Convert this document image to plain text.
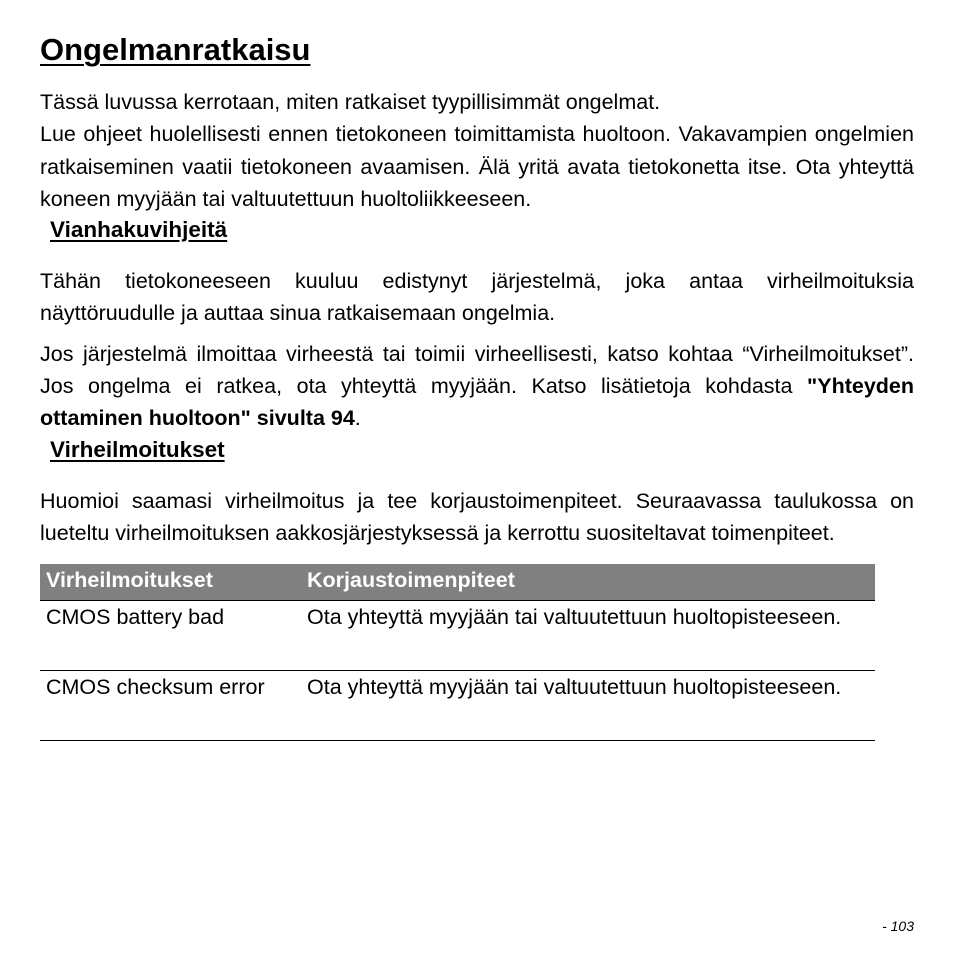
Ongelmanratkaisu

Tässä luvussa kerrotaan, miten ratkaiset tyypillisimmät ongelmat.

Lue ohjeet huolellisesti ennen tietokoneen toimittamista huoltoon. Vakavampien ongelmien ratkaiseminen vaatii tietokoneen avaamisen. Älä yritä avata tietokonetta itse. Ota yhteyttä koneen myyjään tai valtuutettuun huoltoliikkeeseen.

Vianhakuvihjeitä

Tähän tietokoneeseen kuuluu edistynyt järjestelmä, joka antaa virheilmoituksia näyttöruudulle ja auttaa sinua ratkaisemaan ongelmia.

Jos järjestelmä ilmoittaa virheestä tai toimii virheellisesti, katso kohtaa “Virheilmoitukset”. Jos ongelma ei ratkea, ota yhteyttä myyjään. Katso lisätietoja kohdasta "Yhteyden ottaminen huoltoon" sivulta 94.

Virheilmoitukset

Huomioi saamasi virheilmoitus ja tee korjaustoimenpiteet. Seuraavassa taulukossa on lueteltu virheilmoituksen aakkosjärjestyksessä ja kerrottu suositeltavat toimenpiteet.

Virheilmoitukset	Korjaustoimenpiteet
CMOS battery bad	Ota yhteyttä myyjään tai valtuutettuun huoltopisteeseen.
CMOS checksum error	Ota yhteyttä myyjään tai valtuutettuun huoltopisteeseen.
- 103
